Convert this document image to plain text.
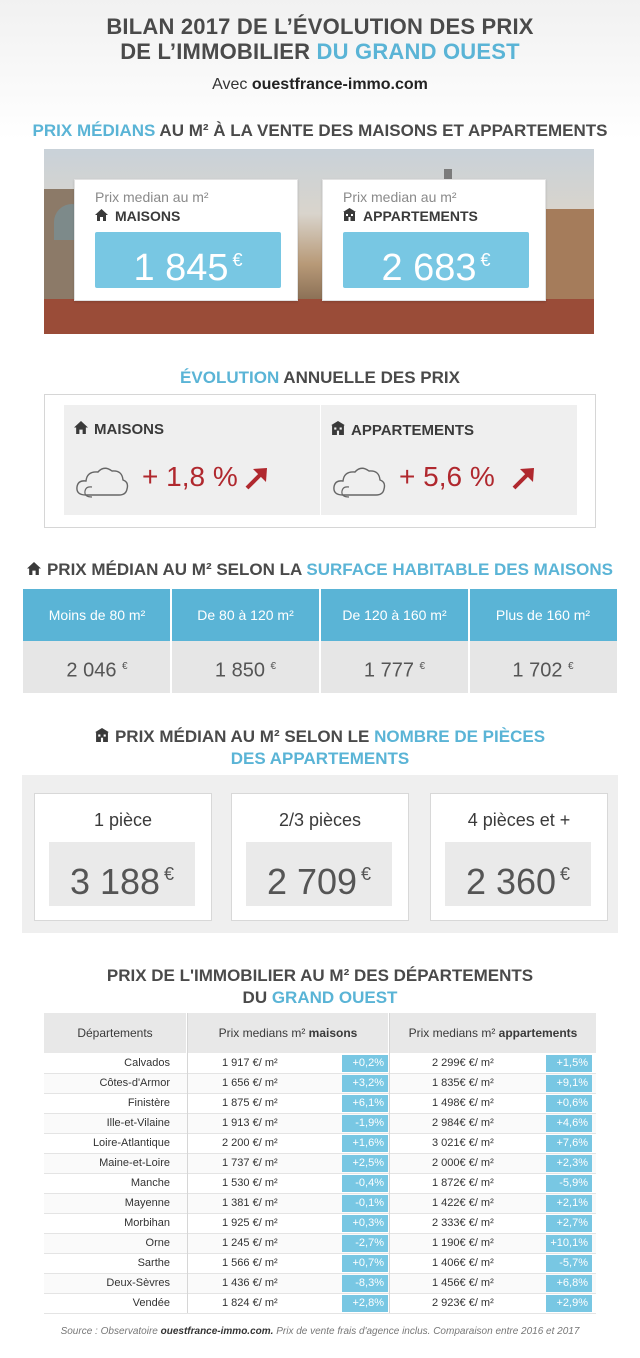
BILAN 2017 DE L’ÉVOLUTION DES PRIX
DE L’IMMOBILIER DU GRAND OUEST
Avec ouestfrance-immo.com
PRIX MÉDIANS AU M² À LA VENTE DES MAISONS ET APPARTEMENTS
Prix median au m²
MAISONS
1 845 €
Prix median au m²
APPARTEMENTS
2 683 €
ÉVOLUTION ANNUELLE DES PRIX
MAISONS
+ 1,8 %
APPARTEMENTS
+ 5,6 %
PRIX MÉDIAN AU M² SELON LA SURFACE HABITABLE DES MAISONS
Moins de 80 m²	De 80 à 120 m²	De 120 à 160 m²	Plus de 160 m²
2 046 €	1 850 €	1 777 €	1 702 €
PRIX MÉDIAN AU M² SELON LE NOMBRE DE PIÈCES
DES APPARTEMENTS
1 pièce
3 188 €
2/3 pièces
2 709 €
4 pièces et +
2 360 €
PRIX DE L'IMMOBILIER AU M² DES DÉPARTEMENTS
DU GRAND OUEST
Départements	Prix medians m² maisons	Prix medians m² appartements
Calvados	1 917 €/ m²	+0,2%	2 299€ €/ m²	+1,5%
Côtes-d'Armor	1 656 €/ m²	+3,2%	1 835€ €/ m²	+9,1%
Finistère	1 875 €/ m²	+6,1%	1 498€ €/ m²	+0,6%
Ille-et-Vilaine	1 913 €/ m²	-1,9%	2 984€ €/ m²	+4,6%
Loire-Atlantique	2 200 €/ m²	+1,6%	3 021€ €/ m²	+7,6%
Maine-et-Loire	1 737 €/ m²	+2,5%	2 000€ €/ m²	+2,3%
Manche	1 530 €/ m²	-0,4%	1 872€ €/ m²	-5,9%
Mayenne	1 381 €/ m²	-0,1%	1 422€ €/ m²	+2,1%
Morbihan	1 925 €/ m²	+0,3%	2 333€ €/ m²	+2,7%
Orne	1 245 €/ m²	-2,7%	1 190€ €/ m²	+10,1%
Sarthe	1 566 €/ m²	+0,7%	1 406€ €/ m²	-5,7%
Deux-Sèvres	1 436 €/ m²	-8,3%	1 456€ €/ m²	+6,8%
Vendée	1 824 €/ m²	+2,8%	2 923€ €/ m²	+2,9%
Source : Observatoire ouestfrance-immo.com. Prix de vente frais d'agence inclus. Comparaison entre 2016 et 2017
